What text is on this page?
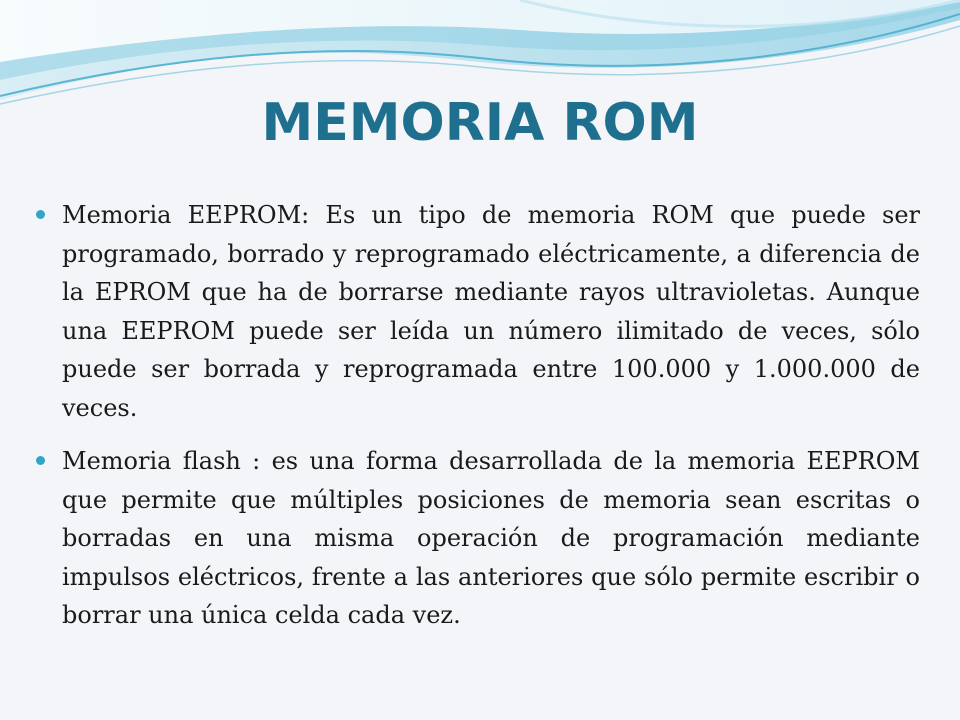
MEMORIA ROM
Memoria EEPROM: Es un tipo de memoria ROM que puede ser programado, borrado y reprogramado eléctricamente, a diferencia de la EPROM que ha de borrarse mediante rayos ultravioletas. Aunque una EEPROM puede ser leída un número ilimitado de veces, sólo puede ser borrada y reprogramada entre 100.000 y 1.000.000 de veces.
Memoria flash : es una forma desarrollada de la memoria EEPROM que permite que múltiples posiciones de memoria sean escritas o borradas en una misma operación de programación mediante impulsos eléctricos, frente a las anteriores que sólo permite escribir o borrar una única celda cada vez.
